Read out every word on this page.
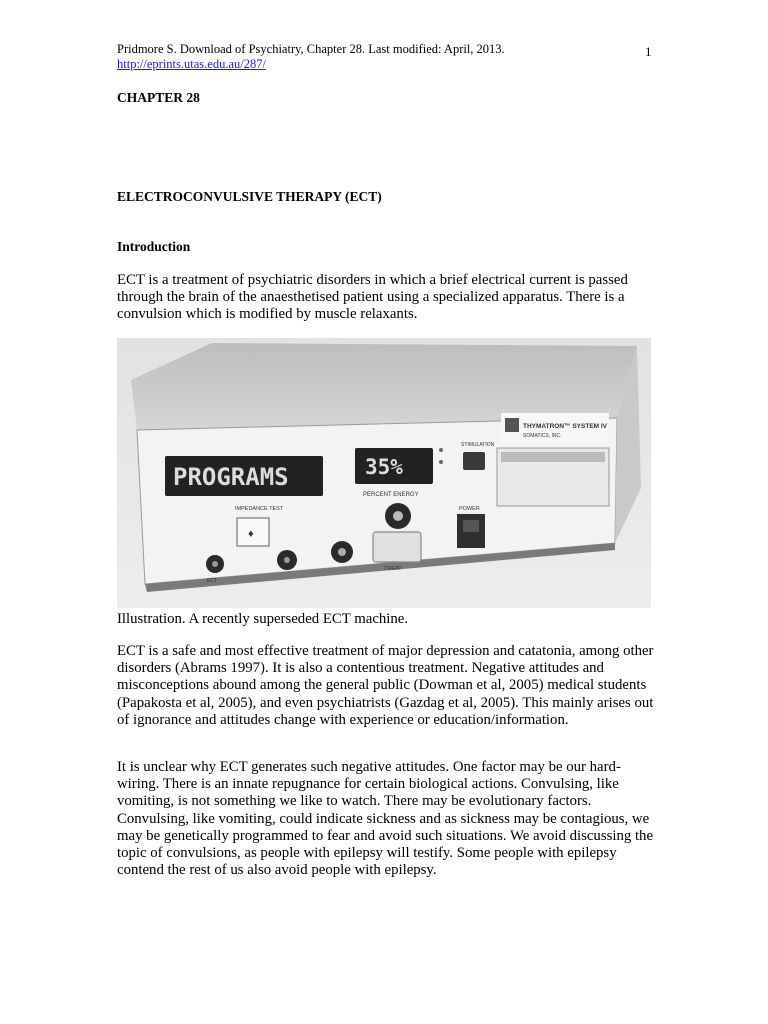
Pridmore S. Download of Psychiatry, Chapter 28. Last modified: April, 2013.
http://eprints.utas.edu.au/287/
1
CHAPTER 28
ELECTROCONVULSIVE THERAPY (ECT)
Introduction
ECT is a treatment of psychiatric disorders in which a brief electrical current is passed through the brain of the anaesthetised patient using a specialized apparatus. There is a convulsion which is modified by muscle relaxants.
PROGRAMS	35%
PERCENT ENERGY
STIMULATION
THYMATRON™ SYSTEM IV
SOMATICS, INC.
IMPEDANCE TEST
♦
ECT
TREAT
POWER
Illustration. A recently superseded ECT machine.
ECT is a safe and most effective treatment of major depression and catatonia, among other disorders (Abrams 1997). It is also a contentious treatment. Negative attitudes and misconceptions abound among the general public (Dowman et al, 2005) medical students (Papakosta et al, 2005), and even psychiatrists (Gazdag et al, 2005). This mainly arises out of ignorance and attitudes change with experience or education/information.
It is unclear why ECT generates such negative attitudes. One factor may be our hard-wiring. There is an innate repugnance for certain biological actions. Convulsing, like vomiting, is not something we like to watch. There may be evolutionary factors. Convulsing, like vomiting, could indicate sickness and as sickness may be contagious, we may be genetically programmed to fear and avoid such situations. We avoid discussing the topic of convulsions, as people with epilepsy will testify. Some people with epilepsy contend the rest of us also avoid people with epilepsy.
